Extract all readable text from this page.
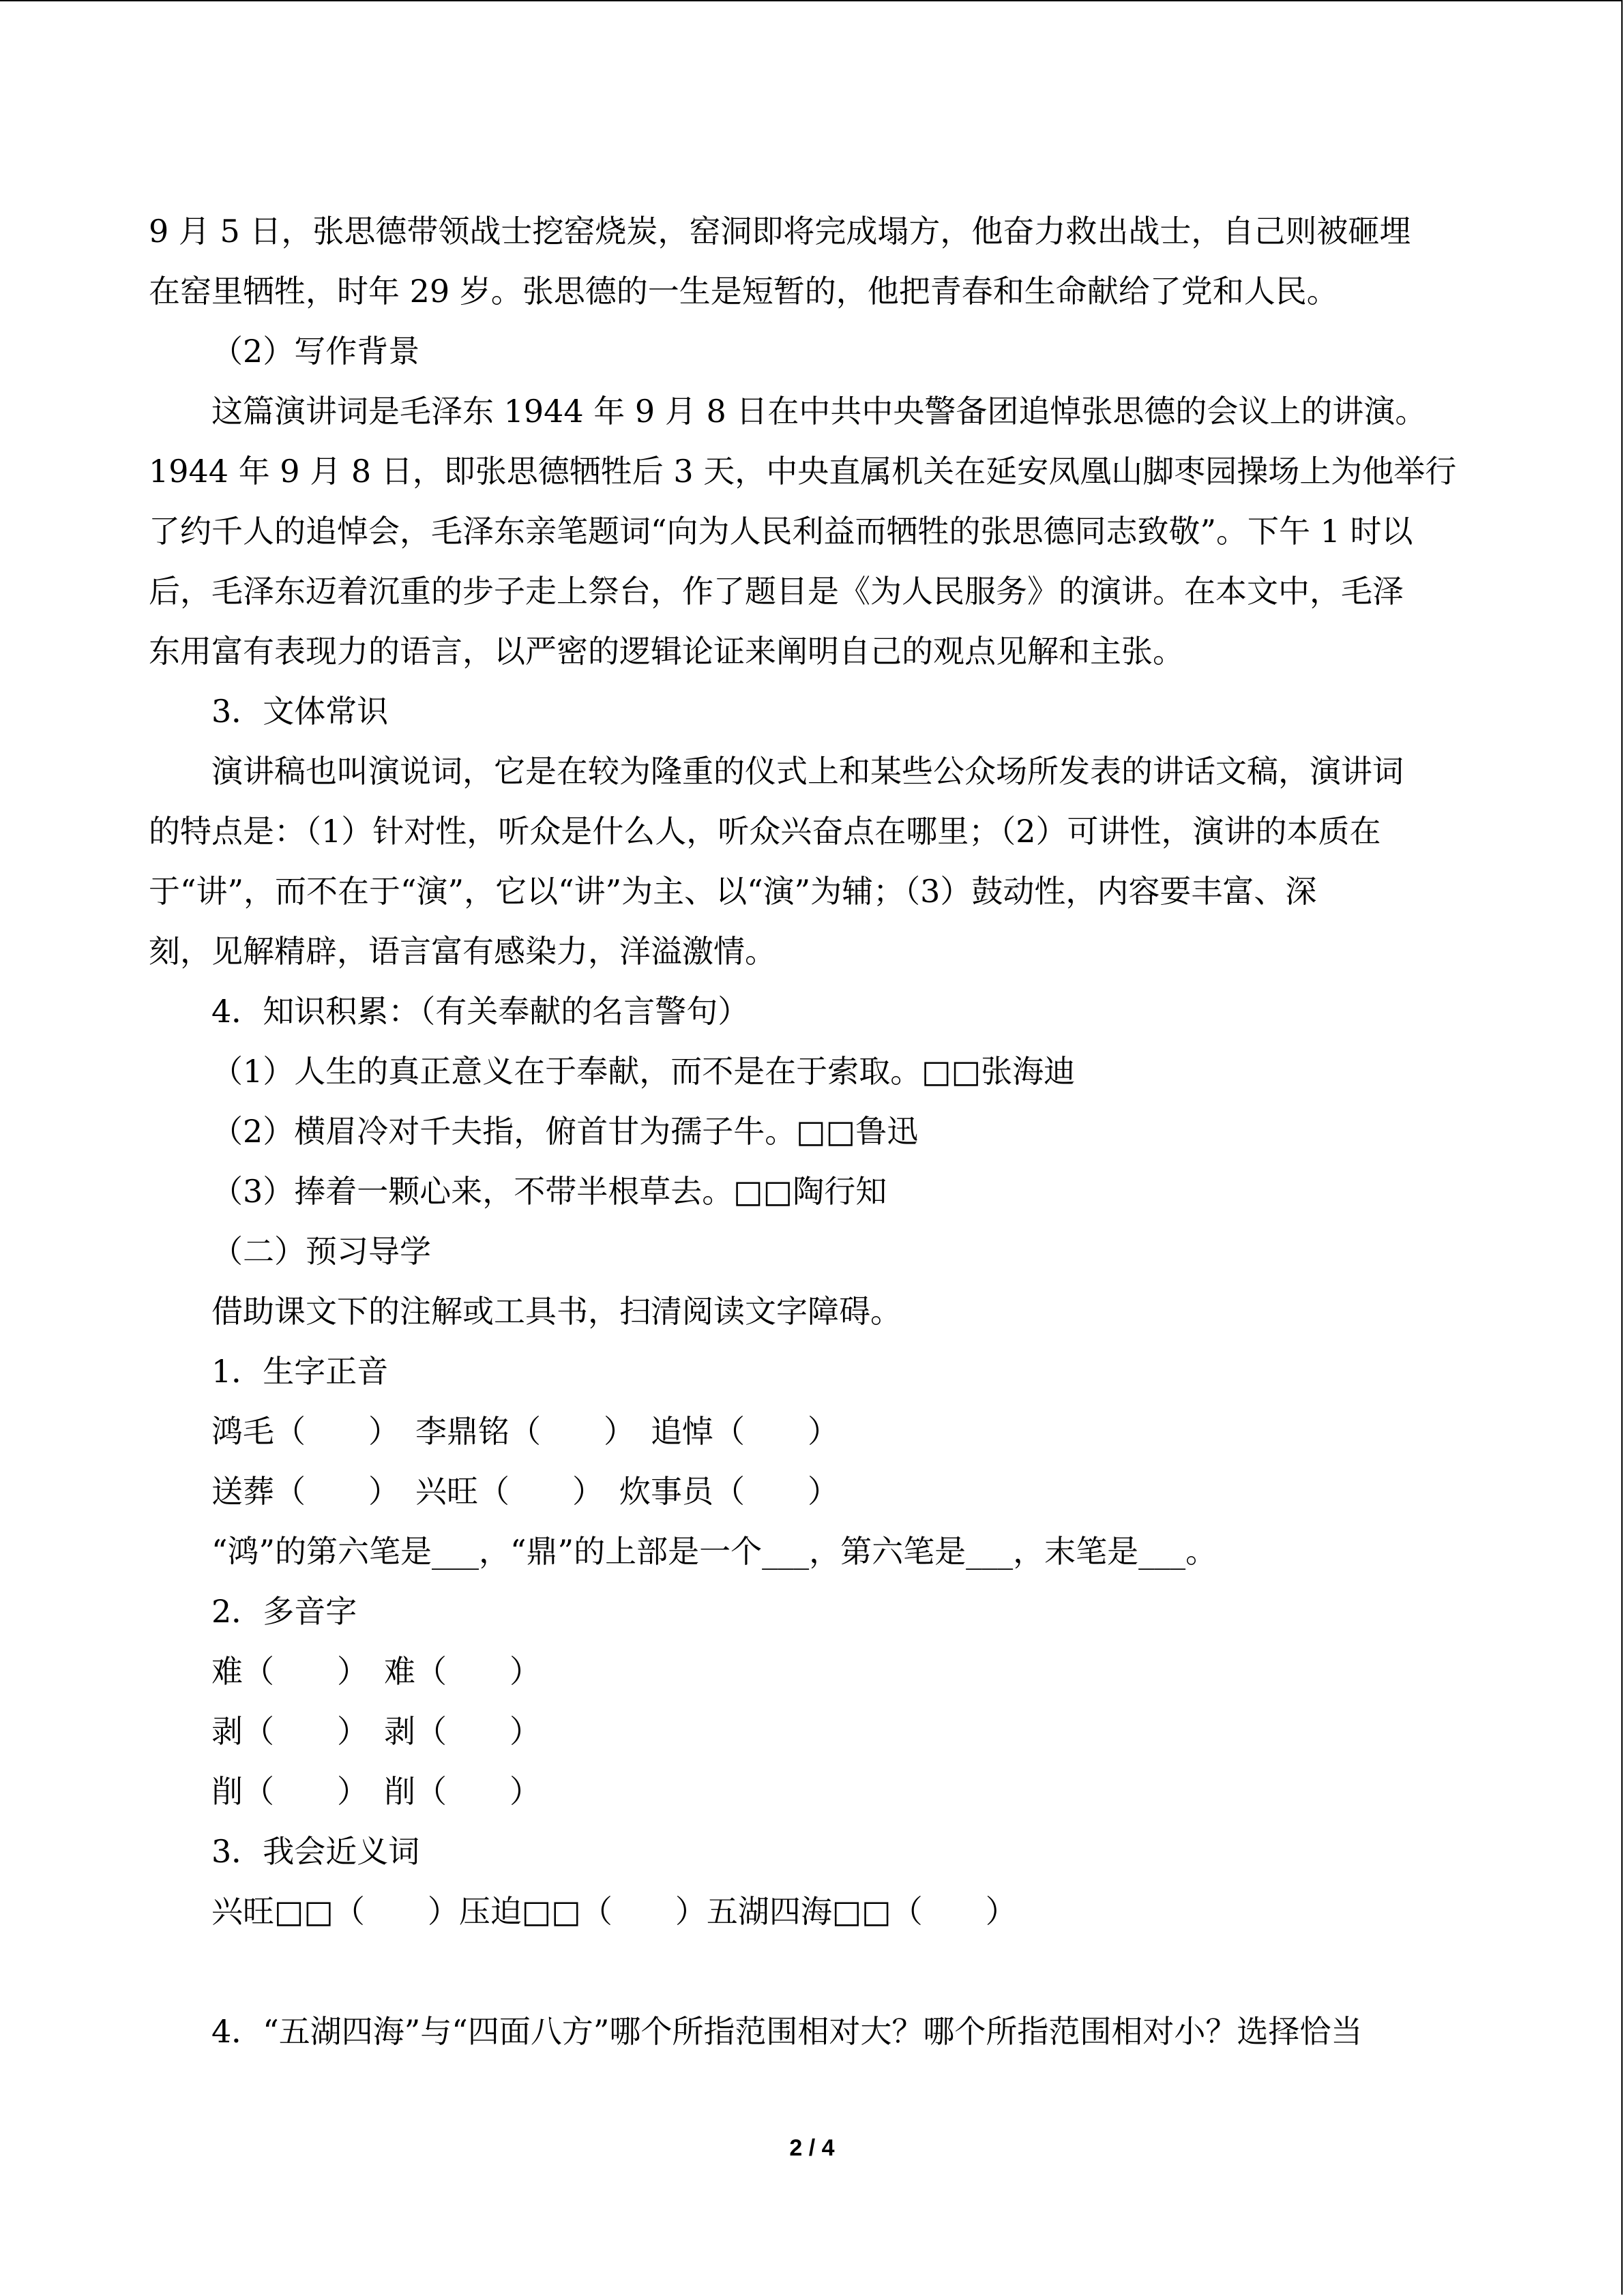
9 月 5 日，张思德带领战士挖窑烧炭，窑洞即将完成塌方，他奋力救出战士，自己则被砸埋
在窑里牺牲，时年 29 岁。张思德的一生是短暂的，他把青春和生命献给了党和人民。
（2）写作背景
这篇演讲词是毛泽东 1944 年 9 月 8 日在中共中央警备团追悼张思德的会议上的讲演。
1944 年 9 月 8 日，即张思德牺牲后 3 天，中央直属机关在延安凤凰山脚枣园操场上为他举行
了约千人的追悼会，毛泽东亲笔题词“向为人民利益而牺牲的张思德同志致敬”。下午 1 时以
后，毛泽东迈着沉重的步子走上祭台，作了题目是《为人民服务》的演讲。在本文中，毛泽
东用富有表现力的语言，以严密的逻辑论证来阐明自己的观点见解和主张。
3．文体常识
演讲稿也叫演说词，它是在较为隆重的仪式上和某些公众场所发表的讲话文稿，演讲词
的特点是：（1）针对性，听众是什么人，听众兴奋点在哪里；（2）可讲性，演讲的本质在
于“讲”，而不在于“演”，它以“讲”为主、以“演”为辅；（3）鼓动性，内容要丰富、深
刻，见解精辟，语言富有感染力，洋溢激情。
4．知识积累：（有关奉献的名言警句）
（1）人生的真正意义在于奉献，而不是在于索取。□□张海迪
（2）横眉冷对千夫指，俯首甘为孺子牛。□□鲁迅
（3）捧着一颗心来，不带半根草去。□□陶行知
（二）预习导学
借助课文下的注解或工具书，扫清阅读文字障碍。
1．生字正音
鸿毛（　　）　李鼎铭（　　）　追悼（　　）
送葬（　　）　兴旺（　　）　炊事员（　　）
“鸿”的第六笔是___，“鼎”的上部是一个___，第六笔是___，末笔是___。
2．多音字
难（　　）　难（　　）
剥（　　）　剥（　　）
削（　　）　削（　　）
3．我会近义词
兴旺□□（　　）压迫□□（　　）五湖四海□□（　　）
4．“五湖四海”与“四面八方”哪个所指范围相对大？哪个所指范围相对小？选择恰当
2 / 4
